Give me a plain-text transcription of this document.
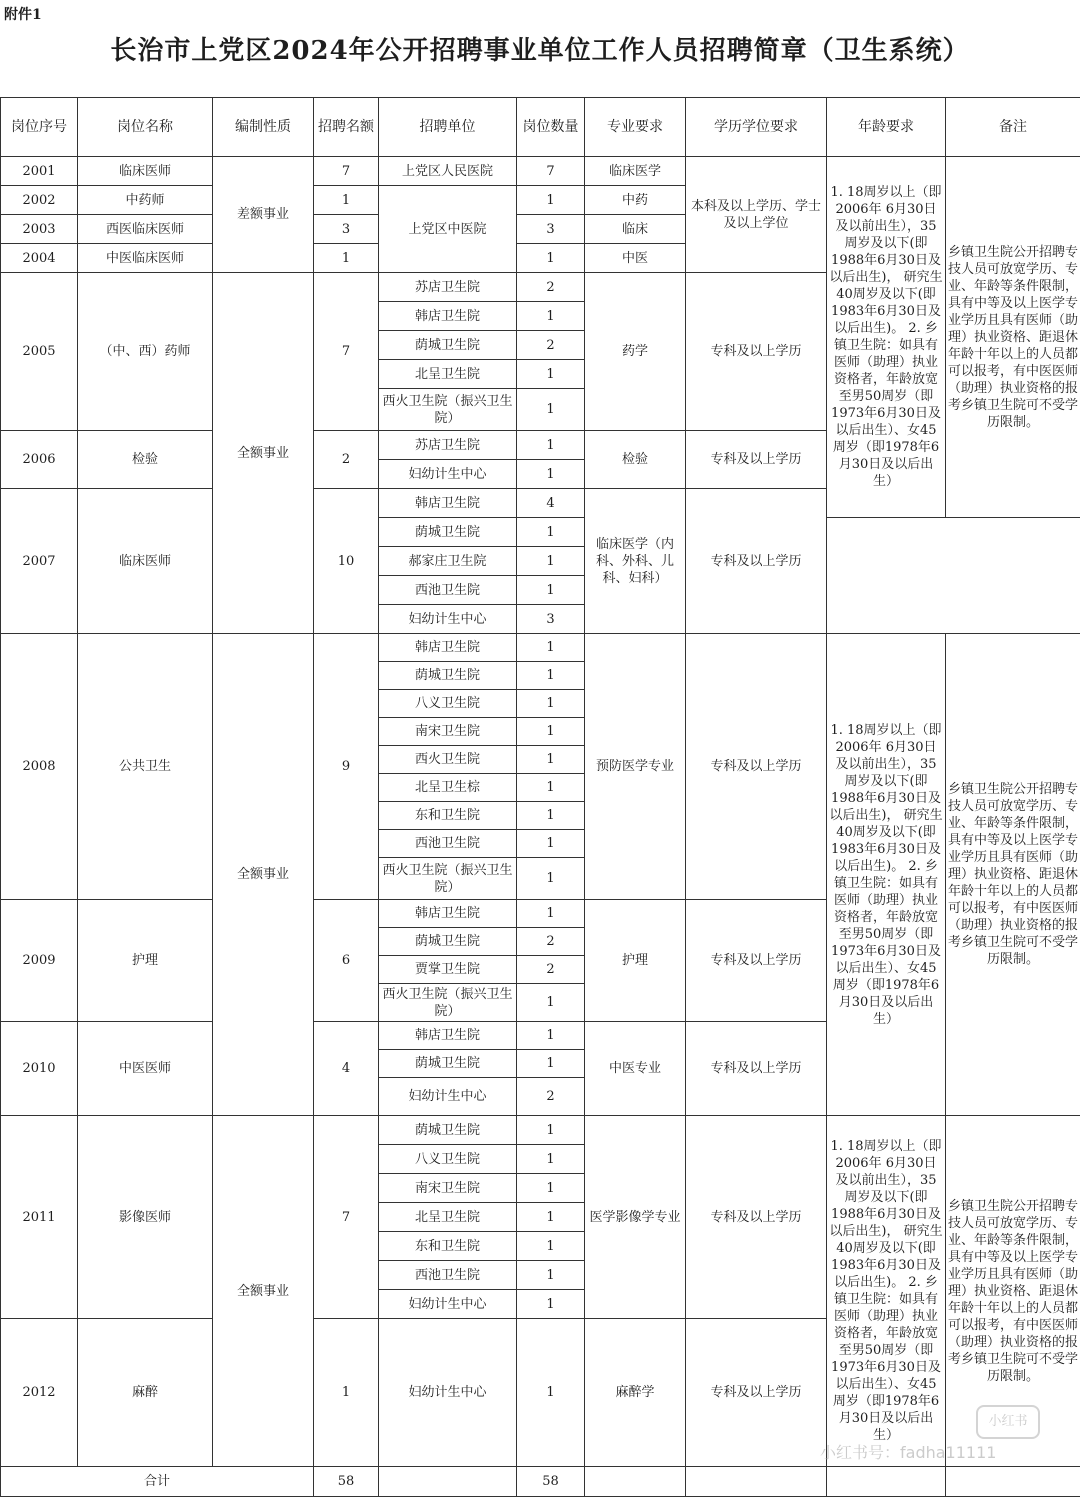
附件1
长治市上党区2024年公开招聘事业单位工作人员招聘简章（卫生系统）
岗位序号	岗位名称	编制性质	招聘名额	招聘单位	岗位数量	专业要求	学历学位要求	年龄要求	备注
2001	临床医师	差额事业	7	上党区人民医院	7	临床医学	本科及以上学历、学士及以上学位	1. 18周岁以上（即2006年 6月30日及以前出生），35周岁及以下(即1988年6月30日及以后出生)， 研究生40周岁及以下(即1983年6月30日及以后出生)。 2. 乡镇卫生院：如具有医师（助理）执业资格者，年龄放宽至男50周岁（即1973年6月30日及以后出生）、女45周岁（即1978年6月30日及以后出生）	乡镇卫生院公开招聘专技人员可放宽学历、专业、年龄等条件限制，具有中等及以上医学专业学历且具有医师（助理）执业资格、距退休年龄十年以上的人员都可以报考，有中医医师（助理）执业资格的报考乡镇卫生院可不受学历限制。
2002	中药师		1	上党区中医院	1	中药			
2003	西医临床医师		3		3	临床			
2004	中医临床医师		1		1	中医			
2005	（中、西）药师	全额事业	7	苏店卫生院	2	药学	专科及以上学历		
				韩店卫生院	1				
				荫城卫生院	2				
				北呈卫生院	1				
				西火卫生院（振兴卫生院）	1				
2006	检验		2	苏店卫生院	1	检验	专科及以上学历		
				妇幼计生中心	1				
2007	临床医师		10	韩店卫生院	4	临床医学（内科、外科、儿科、妇科）	专科及以上学历		
				荫城卫生院	1				
				郝家庄卫生院	1				
				西池卫生院	1				
				妇幼计生中心	3				
2008	公共卫生	全额事业	9	韩店卫生院	1	预防医学专业	专科及以上学历	1. 18周岁以上（即2006年 6月30日及以前出生），35周岁及以下(即1988年6月30日及以后出生)， 研究生40周岁及以下(即1983年6月30日及以后出生)。 2. 乡镇卫生院：如具有医师（助理）执业资格者，年龄放宽至男50周岁（即1973年6月30日及以后出生）、女45周岁（即1978年6月30日及以后出生）	乡镇卫生院公开招聘专技人员可放宽学历、专业、年龄等条件限制，具有中等及以上医学专业学历且具有医师（助理）执业资格、距退休年龄十年以上的人员都可以报考，有中医医师（助理）执业资格的报考乡镇卫生院可不受学历限制。
				荫城卫生院	1				
				八义卫生院	1				
				南宋卫生院	1				
				西火卫生院	1				
				北呈卫生棕	1				
				东和卫生院	1				
				西池卫生院	1				
				西火卫生院（振兴卫生院）	1				
2009	护理		6	韩店卫生院	1	护理	专科及以上学历		
				荫城卫生院	2				
				贾掌卫生院	2				
				西火卫生院（振兴卫生院）	1				
2010	中医医师		4	韩店卫生院	1	中医专业	专科及以上学历		
				荫城卫生院	1				
				妇幼计生中心	2				
2011	影像医师	全额事业	7	荫城卫生院	1	医学影像学专业	专科及以上学历	1. 18周岁以上（即2006年 6月30日及以前出生），35周岁及以下(即1988年6月30日及以后出生)， 研究生40周岁及以下(即1983年6月30日及以后出生)。 2. 乡镇卫生院：如具有医师（助理）执业资格者，年龄放宽至男50周岁（即1973年6月30日及以后出生）、女45周岁（即1978年6月30日及以后出生）	乡镇卫生院公开招聘专技人员可放宽学历、专业、年龄等条件限制，具有中等及以上医学专业学历且具有医师（助理）执业资格、距退休年龄十年以上的人员都可以报考，有中医医师（助理）执业资格的报考乡镇卫生院可不受学历限制。
				八义卫生院	1				
				南宋卫生院	1				
				北呈卫生院	1				
				东和卫生院	1				
				西池卫生院	1				
				妇幼计生中心	1				
2012	麻醉		1	妇幼计生中心	1	麻醉学	专科及以上学历		
合计			58		58				
小红书
小红书号：fadha11111
